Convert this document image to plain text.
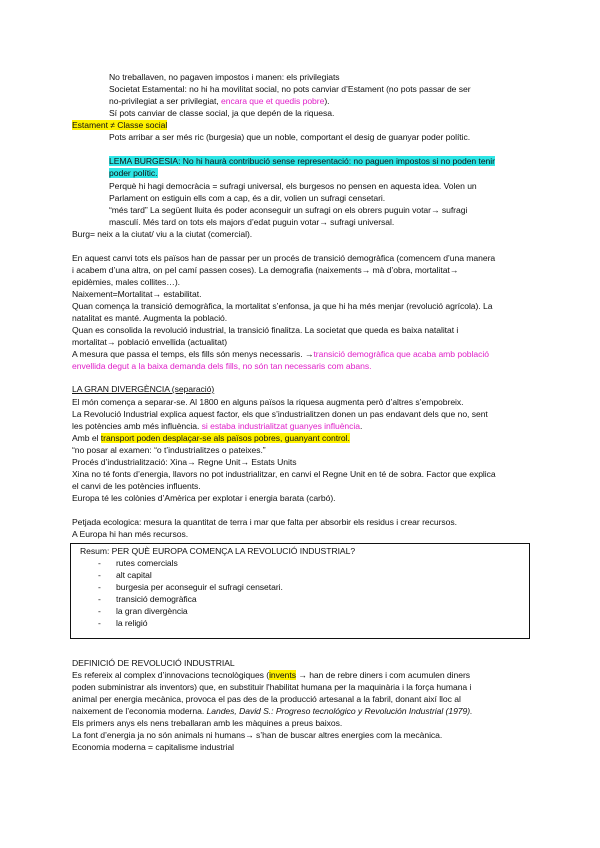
No treballaven, no pagaven impostos i manen: els privilegiats
Societat Estamental: no hi ha movilitat social, no pots canviar d’Estament (no pots passar de ser
no-privilegiat a ser privilegiat, encara que et quedis pobre).
Sí pots canviar de classe social, ja que depén de la riquesa.
Estament ≠ Classe social
Pots arribar a ser més ric (burgesia) que un noble, comportant el desig de guanyar poder polític.
LEMA BURGESIA: No hi haurà contribució sense representació: no paguen impostos si no poden tenir
poder polític.
Perquè hi hagi democràcia = sufragi universal, els burgesos no pensen en aquesta idea. Volen un
Parlament on estiguin ells com a cap, és a dir, volien un sufragi censetari.
“més tard” La següent lluita és poder aconseguir un sufragi on els obrers puguin votar→ sufragi
masculí. Més tard on tots els majors d’edat puguin votar→ sufragi universal.
Burg= neix a la ciutat/ viu a la ciutat (comercial).
En aquest canvi tots els països han de passar per un procés de transició demogràfica (comencem d’una manera
i acabem d’una altra, on pel camí passen coses). La demografia (naixements→ mà d’obra, mortalitat→
epidèmies, males collites…).
Naixement=Mortalitat→ estabilitat.
Quan comença la transició demogràfica, la mortalitat s’enfonsa, ja que hi ha més menjar (revolució agrícola). La
natalitat es manté. Augmenta la població.
Quan es consolida la revolució industrial, la transició finalitza. La societat que queda es baixa natalitat i
mortalitat→ població envellida (actualitat)
A mesura que passa el temps, els fills són menys necessaris. →transició demogràfica que acaba amb població
envellida degut a la baixa demanda dels fills, no són tan necessaris com abans.
LA GRAN DIVERGÈNCIA (separació)
El món comença a separar-se. Al 1800 en alguns països la riquesa augmenta però d’altres s’empobreix.
La Revolució Industrial explica aquest factor, els que s’industrialitzen donen un pas endavant dels que no, sent
les potències amb més influència. si estaba industrialitzat guanyes influència.
Amb el transport poden desplaçar-se als països pobres, guanyant control.
“no posar al examen: “o t’industrialitzes o pateixes.”
Procés d’industrialització: Xina→ Regne Unit→ Estats Units
Xina no té fonts d’energia, llavors no pot industrialitzar, en canvi el Regne Unit en té de sobra. Factor que explica
el canvi de les potències influents.
Europa té les colònies d’Amèrica per explotar i energia barata (carbó).
Petjada ecologica: mesura la quantitat de terra i mar que falta per absorbir els residus i crear recursos.
A Europa hi han més recursos.
Resum: PER QUÈ EUROPA COMENÇA LA REVOLUCIÓ INDUSTRIAL?
- rutes comercials
- alt capital
- burgesia per aconseguir el sufragi censetari.
- transició demogràfica
- la gran divergència
- la religió
DEFINICIÓ DE REVOLUCIÓ INDUSTRIAL
Es refereix al complex d’innovacions tecnològiques (invents → han de rebre diners i com acumulen diners
poden subministrar als inventors) que, en substituir l'habilitat humana per la maquinària i la força humana i
animal per energia mecànica, provoca el pas des de la producció artesanal a la fabril, donant així lloc al
naixement de l’economia moderna. Landes, David S.: Progreso tecnológico y Revolución Industrial (1979).
Els primers anys els nens treballaran amb les màquines a preus baixos.
La font d’energia ja no són animals ni humans→ s’han de buscar altres energies com la mecànica.
Economia moderna = capitalisme industrial
